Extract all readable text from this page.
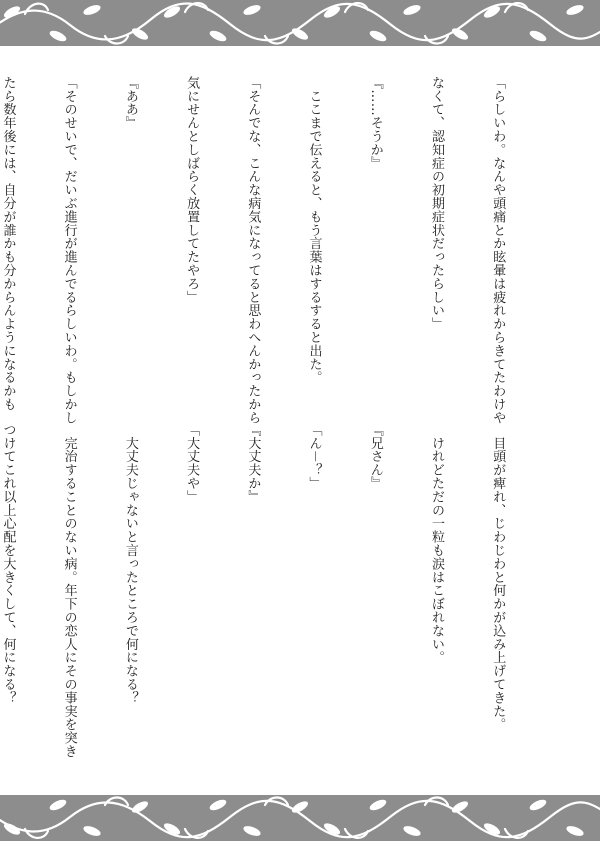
「らしいわ。なんや頭痛とか眩暈は疲れからきてたわけや

なくて、認知症の初期症状だったらしい」

『……そうか』

　ここまで伝えると、もう言葉はするすると出た。

「そんでな、こんな病気になってると思わへんかったから

気にせんとしばらく放置してたやろ」

『ああ』

「そのせいで、だいぶ進行が進んでるらしいわ。もしかし

たら数年後には、自分が誰かも分からんようになるかも

　目頭が痺れ、じわじわと何かが込み上げてきた。

　けれどただの一粒も涙はこぼれない。

『兄さん』

「ん－？」

『大丈夫か』

「大丈夫や」

　大丈夫じゃないと言ったところで何になる？

　完治することのない病。年下の恋人にその事実を突き

つけてこれ以上心配を大きくして、何になる？
